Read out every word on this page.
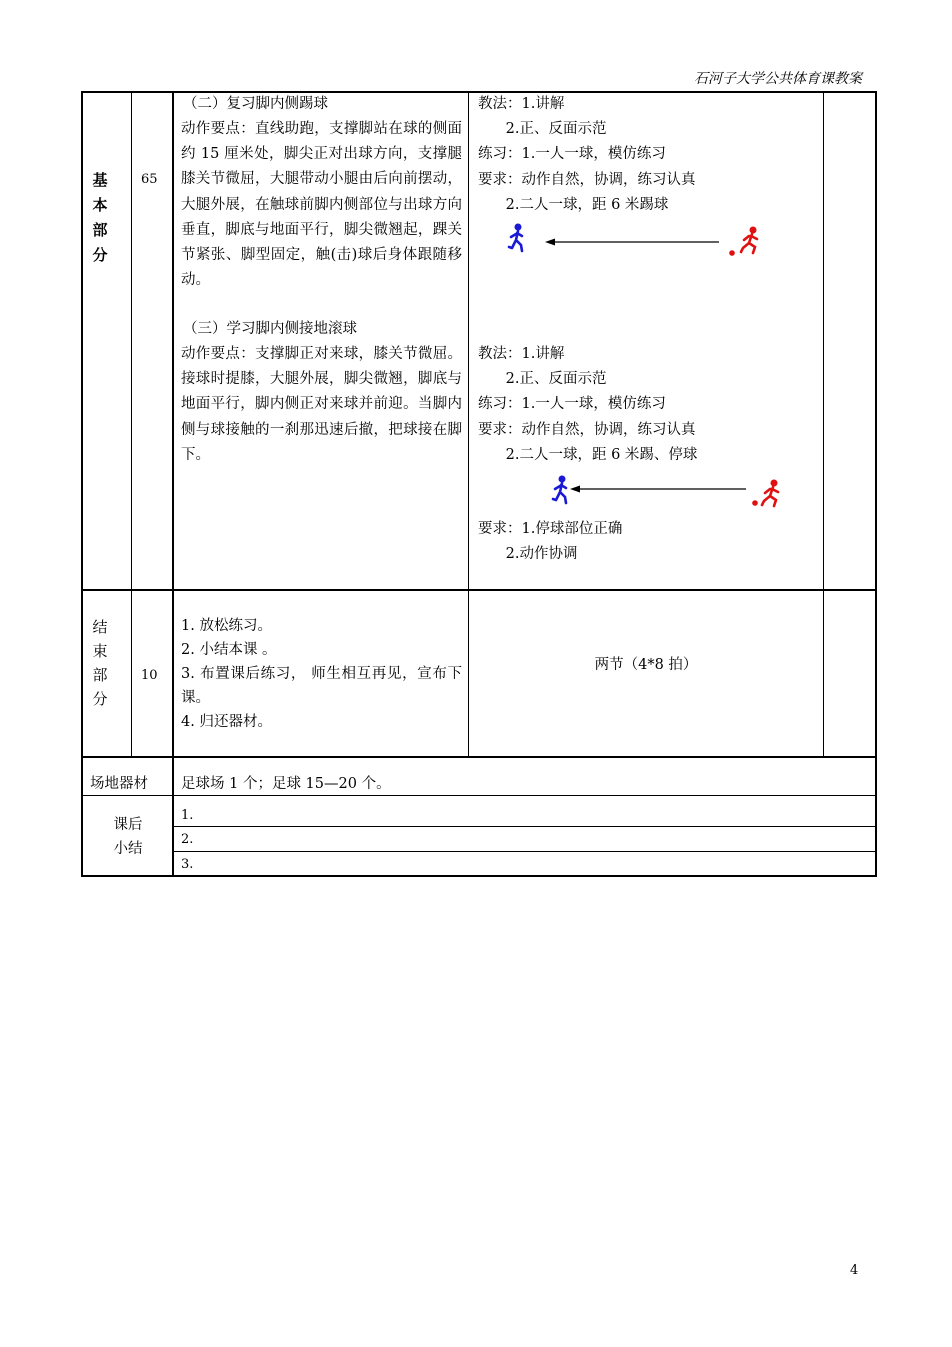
石河子大学公共体育课教案
基
本
部
分
65
（二）复习脚内侧踢球
动作要点：直线助跑，支撑脚站在球的侧面约 15 厘米处，脚尖正对出球方向，支撑腿膝关节微屈，大腿带动小腿由后向前摆动，大腿外展，在触球前脚内侧部位与出球方向垂直，脚底与地面平行，脚尖微翘起，踝关节紧张、脚型固定，触(击)球后身体跟随移动。
（三）学习脚内侧接地滚球
动作要点：支撑脚正对来球，膝关节微屈。接球时提膝，大腿外展，脚尖微翘，脚底与地面平行，脚内侧正对来球并前迎。当脚内侧与球接触的一刹那迅速后撤，把球接在脚下。
教法：1.讲解
2.正、反面示范
练习：1.一人一球，模仿练习
要求：动作自然，协调，练习认真
2.二人一球，距 6 米踢球
教法：1.讲解
2.正、反面示范
练习：1.一人一球，模仿练习
要求：动作自然，协调，练习认真
2.二人一球，距 6 米踢、停球
要求：1.停球部位正确
2.动作协调
结
束
部
分
10
1. 放松练习。
2. 小结本课 。
3. 布置课后练习， 师生相互再见，宣布下课。
4. 归还器材。
两节（4*8 拍）
场地器材 足球场 1 个；足球 15—20 个。
课后
小结
1.
2.
3.
4
